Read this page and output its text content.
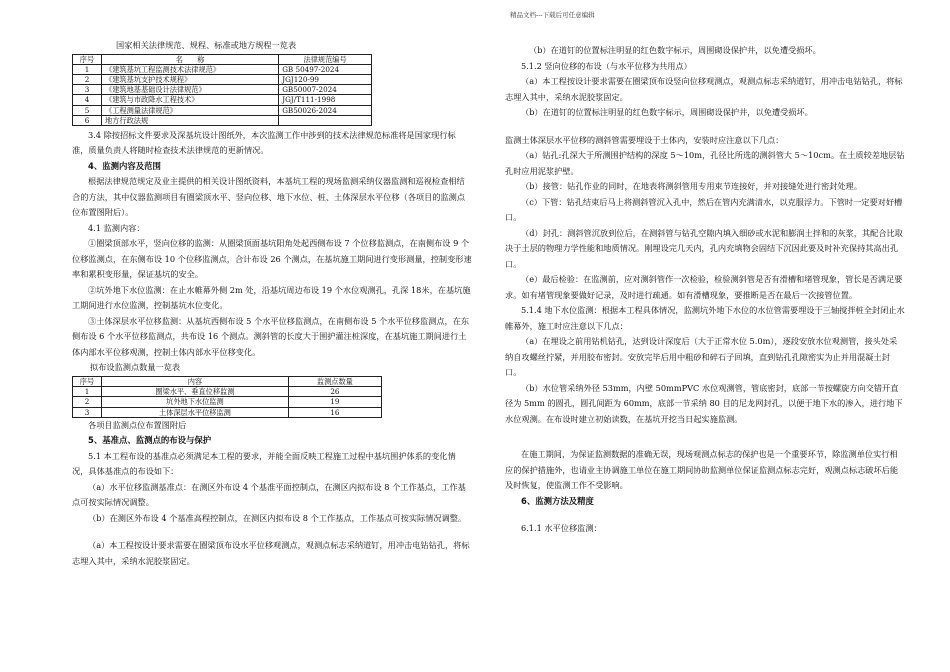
精品文档---下载后可任意编辑

国家相关法律规范、规程、标准或地方规程一览表

序号	名　　称	法律规范编号
1	《建筑基坑工程监测技术法律规范》	GB 50497-2024
2	《建筑基坑支护技术规程》	JGJ120-99
3	《建筑地基基础设计法律规范》	GB50007-2024
4	《建筑与市政降水工程技术》	JGJ/T111-1998
5	《工程测量法律规范》	GB50026-2024
6	地方行政法规	

3.4 除按招标文件要求及深基坑设计图纸外，本次监测工作中涉到的技术法律规范标准将是国家现行标准，质量负责人将随时检查技术法律规范的更新情况。

4、监测内容及范围

根据法律规范规定及业主提供的相关设计图纸资料，本基坑工程的现场监测采纳仪器监测和巡视检查相结合的方法，其中仪器监测项目有圈梁顶水平、竖向位移、地下水位、桩、土体深层水平位移（各项目的监测点位布置图附后）。

4.1 监测内容：

①圈梁顶部水平，竖向位移的监测：从圈梁顶面基坑阳角处起西侧布设 7 个位移监测点，在南侧布设 9 个位移监测点，在东侧布设 10 个位移监测点，合计布设 26 个测点，在基坑施工期间进行变形测量，控制变形速率和累积变形量，保证基坑的安全。

②坑外地下水位监测：在止水帷幕外侧 2m 处，沿基坑周边布设 19 个水位观测孔，孔深 18米，在基坑施工期间进行水位监测，控制基坑水位变化。

③土体深层水平位移监测：从基坑西侧布设 5 个水平位移监测点，在南侧布设 5 个水平位移监测点，在东侧布设 6 个水平位移监测点，共布设 16 个测点。测斜管的长度大于围护灌注桩深度，在基坑施工期间进行土体内部水平位移观测，控制土体内部水平位移变化。

拟布设监测点数量一览表

序号	内容	监测点数量
1	圈梁水平、垂直位移监测	26
2	坑外地下水位监测	19
3	土体深层水平位移监测	16

各项目监测点位布置图附后

5、基准点、监测点的布设与保护

5.1 本工程布设的基准点必须满足本工程的要求，并能全面反映工程施工过程中基坑围护体系的变化情况，具体基准点的布设如下：

（a）水平位移监测基准点：在测区外布设 4 个基准平面控制点，在测区内拟布设 8 个工作基点，工作基点可按实际情况调整。

（b）在测区外布设 4 个基准高程控制点，在测区内拟布设 8 个工作基点，工作基点可按实际情况调整。

（a）本工程按设计要求需要在圈梁顶布设水平位移观测点，观测点标志采纳道钉，用冲击电钻钻孔，将标志埋入其中，采纳水泥胶浆固定。

（b）在道钉的位置标注明显的红色数字标示，周围砌设保护井，以免遭受损坏。

5.1.2 竖向位移的布设（与水平位移为共用点）

（a）本工程按设计要求需要在圈梁顶布设竖向位移观测点，观测点标志采纳道钉，用冲击电钻钻孔，将标志埋入其中，采纳水泥胶浆固定。

（b）在道钉的位置标注明显的红色数字标示，周围砌设保护井，以免遭受损坏。

监测土体深层水平位移的测斜管需要埋设于土体内，安装时应注意以下几点：

（a）钻孔:孔深大于所测围护结构的深度 5～10m，孔径比所选的测斜管大 5～10cm。在土质较差地层钻孔时应用泥浆护壁。

（b）接管：钻孔作业的同时，在地表将测斜管用专用束节连接好，并对接缝处进行密封处理。

（c）下管：钻孔结束后马上将测斜管沉入孔中，然后在管内充满清水，以克服浮力。下管时一定要对好槽口。

（d）封孔：测斜管沉放到位后，在测斜管与钻孔空隙内填入细砂或水泥和膨润土拌和的灰浆，其配合比取决于土层的物理力学性能和地质情况。刚埋设完几天内，孔内充填物会固结下沉因此要及时补充保持其高出孔口。

（e）最后检验：在监测前，应对测斜管作一次检验，检验测斜管是否有滑槽和堵管现象，管长是否满足要求。如有堵管现象要做好记录，及时进行疏通。如有滑槽现象，要推断是否在最后一次接管位置。

5.1.4 地下水位监测：根据本工程具体情况，监测坑外地下水位的水位管需要埋设于三轴搅拌桩全封闭止水帷幕外，施工时应注意以下几点：

（a）在埋设之前用钻机钻孔，达到设计深度后（大于正常水位 5.0m），逐段安放水位观测管，接头处采纳自攻螺丝拧紧，并用胶布密封。安放完毕后用中粗砂和碎石子回填，直到钻孔孔隙密实为止并用混凝土封口。

（b）水位管采纳外径 53mm，内壁 50mmPVC 水位观测管，管底密封，底部一节按螺旋方向交错开直径为 5mm 的圆孔，圆孔间距为 60mm，底部一节采纳 80 目的尼龙网封孔，以便于地下水的渗入，进行地下水位观测。在布设时建立初始读数，在基坑开挖当日起实施监测。

在施工期间，为保证监测数据的准确无误，现场观测点标志的保护也是一个重要环节，除监测单位实行相应的保护措施外，也请业主协调施工单位在施工期间协助监测单位保证监测点标志完好，观测点标志破坏后能及时恢复，使监测工作不受影响。

6、监测方法及精度

6.1.1 水平位移监测：
